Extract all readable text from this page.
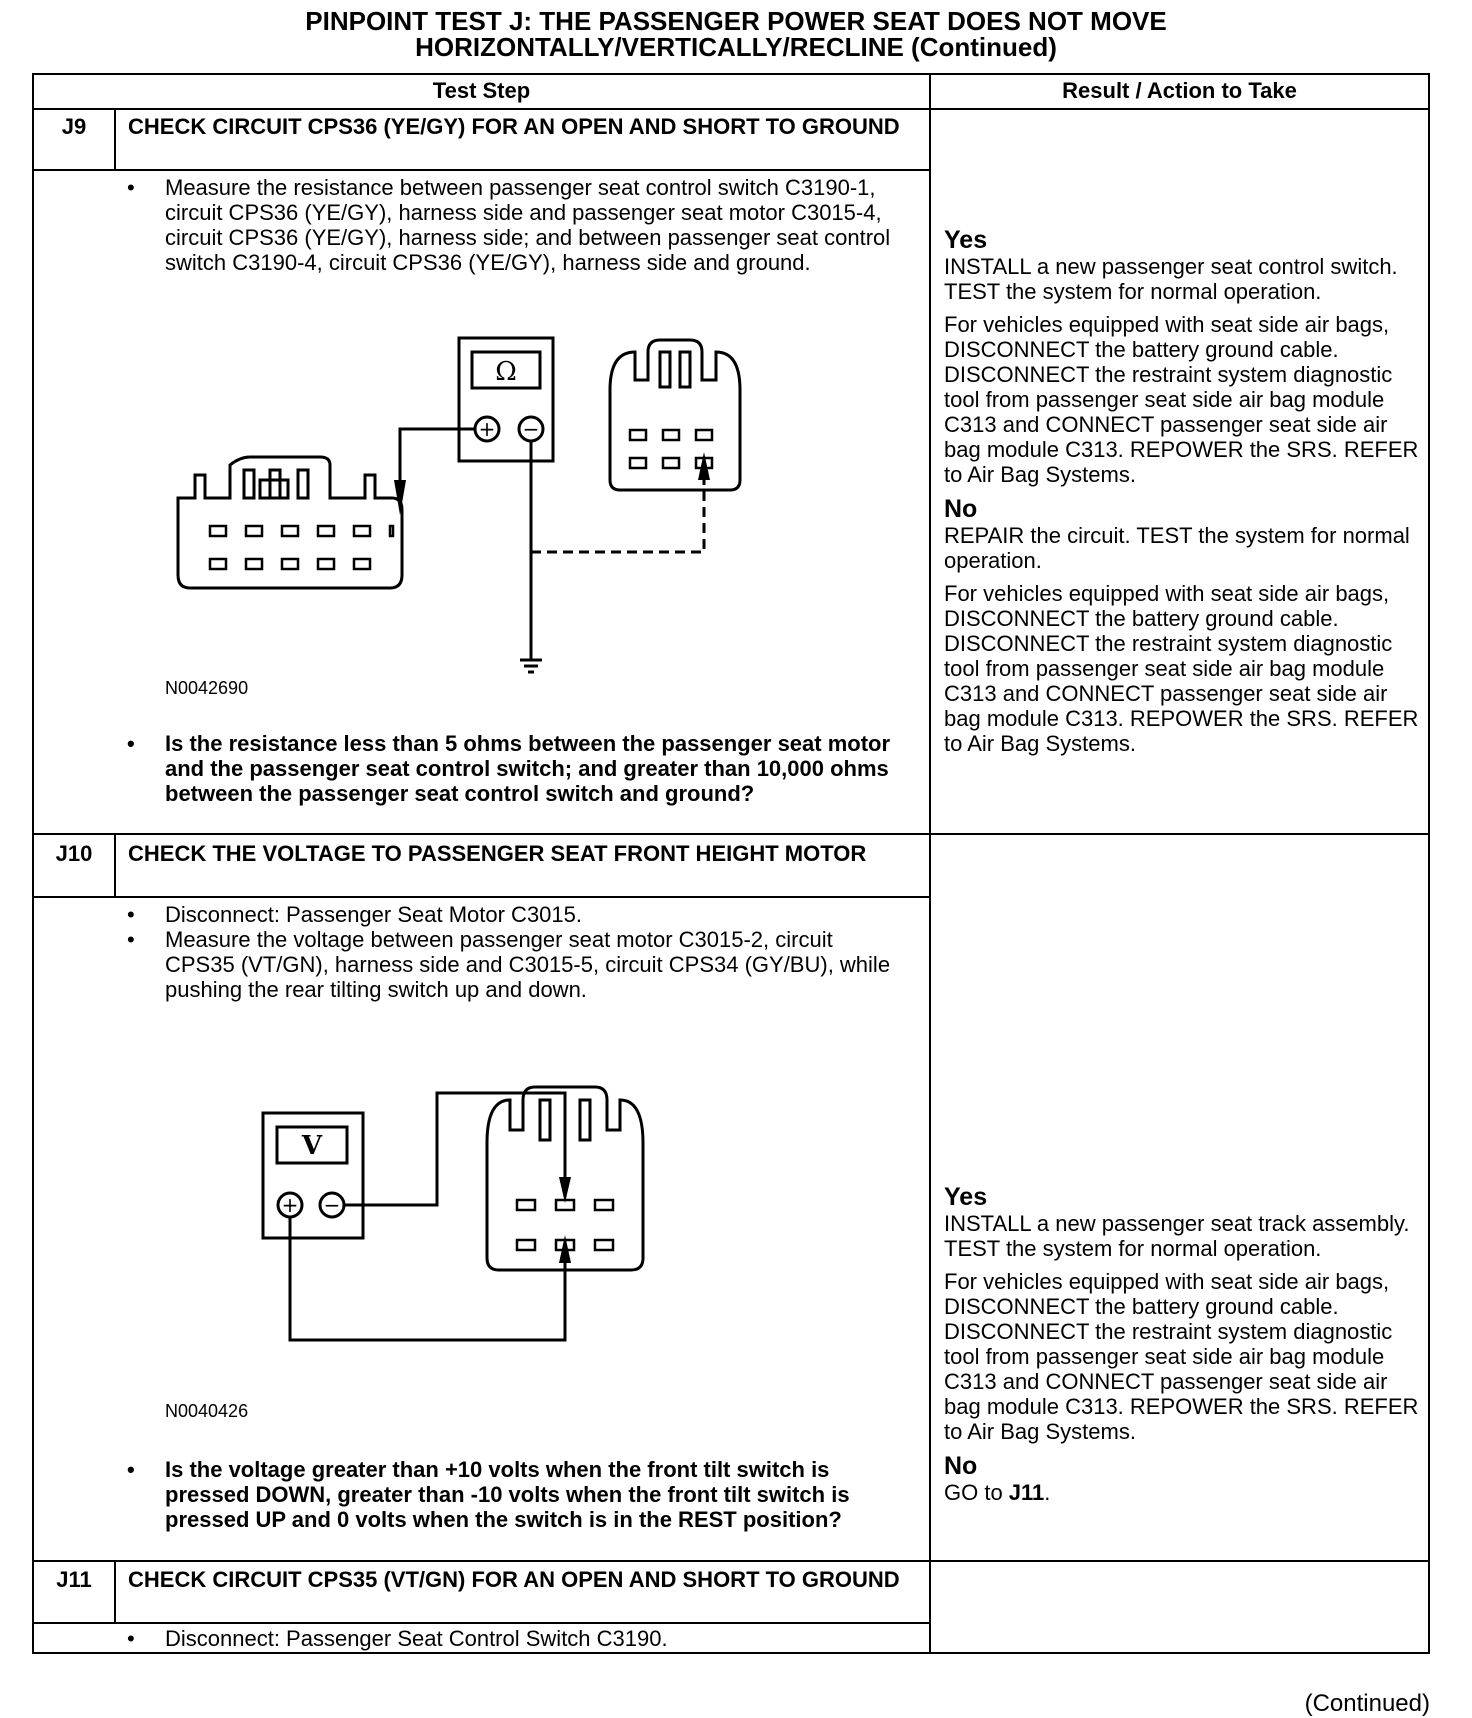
PINPOINT TEST J: THE PASSENGER POWER SEAT DOES NOT MOVE
HORIZONTALLY/VERTICALLY/RECLINE (Continued)
Test Step	Result / Action to Take
J9	CHECK CIRCUIT CPS36 (YE/GY) FOR AN OPEN AND SHORT TO GROUND
• Measure the resistance between passenger seat control switch C3190-1, circuit CPS36 (YE/GY), harness side and passenger seat motor C3015-4, circuit CPS36 (YE/GY), harness side; and between passenger seat control switch C3190-4, circuit CPS36 (YE/GY), harness side and ground.
Ω
+ −
N0042690
• Is the resistance less than 5 ohms between the passenger seat motor and the passenger seat control switch; and greater than 10,000 ohms between the passenger seat control switch and ground?
Yes

INSTALL a new passenger seat control switch. TEST the system for normal operation.

For vehicles equipped with seat side air bags, DISCONNECT the battery ground cable. DISCONNECT the restraint system diagnostic tool from passenger seat side air bag module C313 and CONNECT passenger seat side air bag module C313. REPOWER the SRS. REFER to Air Bag Systems.

No

REPAIR the circuit. TEST the system for normal operation.

For vehicles equipped with seat side air bags, DISCONNECT the battery ground cable. DISCONNECT the restraint system diagnostic tool from passenger seat side air bag module C313 and CONNECT passenger seat side air bag module C313. REPOWER the SRS. REFER to Air Bag Systems.

J10	CHECK THE VOLTAGE TO PASSENGER SEAT FRONT HEIGHT MOTOR
• Disconnect: Passenger Seat Motor C3015.
• Measure the voltage between passenger seat motor C3015-2, circuit CPS35 (VT/GN), harness side and C3015-5, circuit CPS34 (GY/BU), while pushing the rear tilting switch up and down.
V
+ −
N0040426
• Is the voltage greater than +10 volts when the front tilt switch is pressed DOWN, greater than -10 volts when the front tilt switch is pressed UP and 0 volts when the switch is in the REST position?
Yes

INSTALL a new passenger seat track assembly. TEST the system for normal operation.

For vehicles equipped with seat side air bags, DISCONNECT the battery ground cable. DISCONNECT the restraint system diagnostic tool from passenger seat side air bag module C313 and CONNECT passenger seat side air bag module C313. REPOWER the SRS. REFER to Air Bag Systems.

No

GO to J11.

J11	CHECK CIRCUIT CPS35 (VT/GN) FOR AN OPEN AND SHORT TO GROUND
• Disconnect: Passenger Seat Control Switch C3190.
(Continued)
